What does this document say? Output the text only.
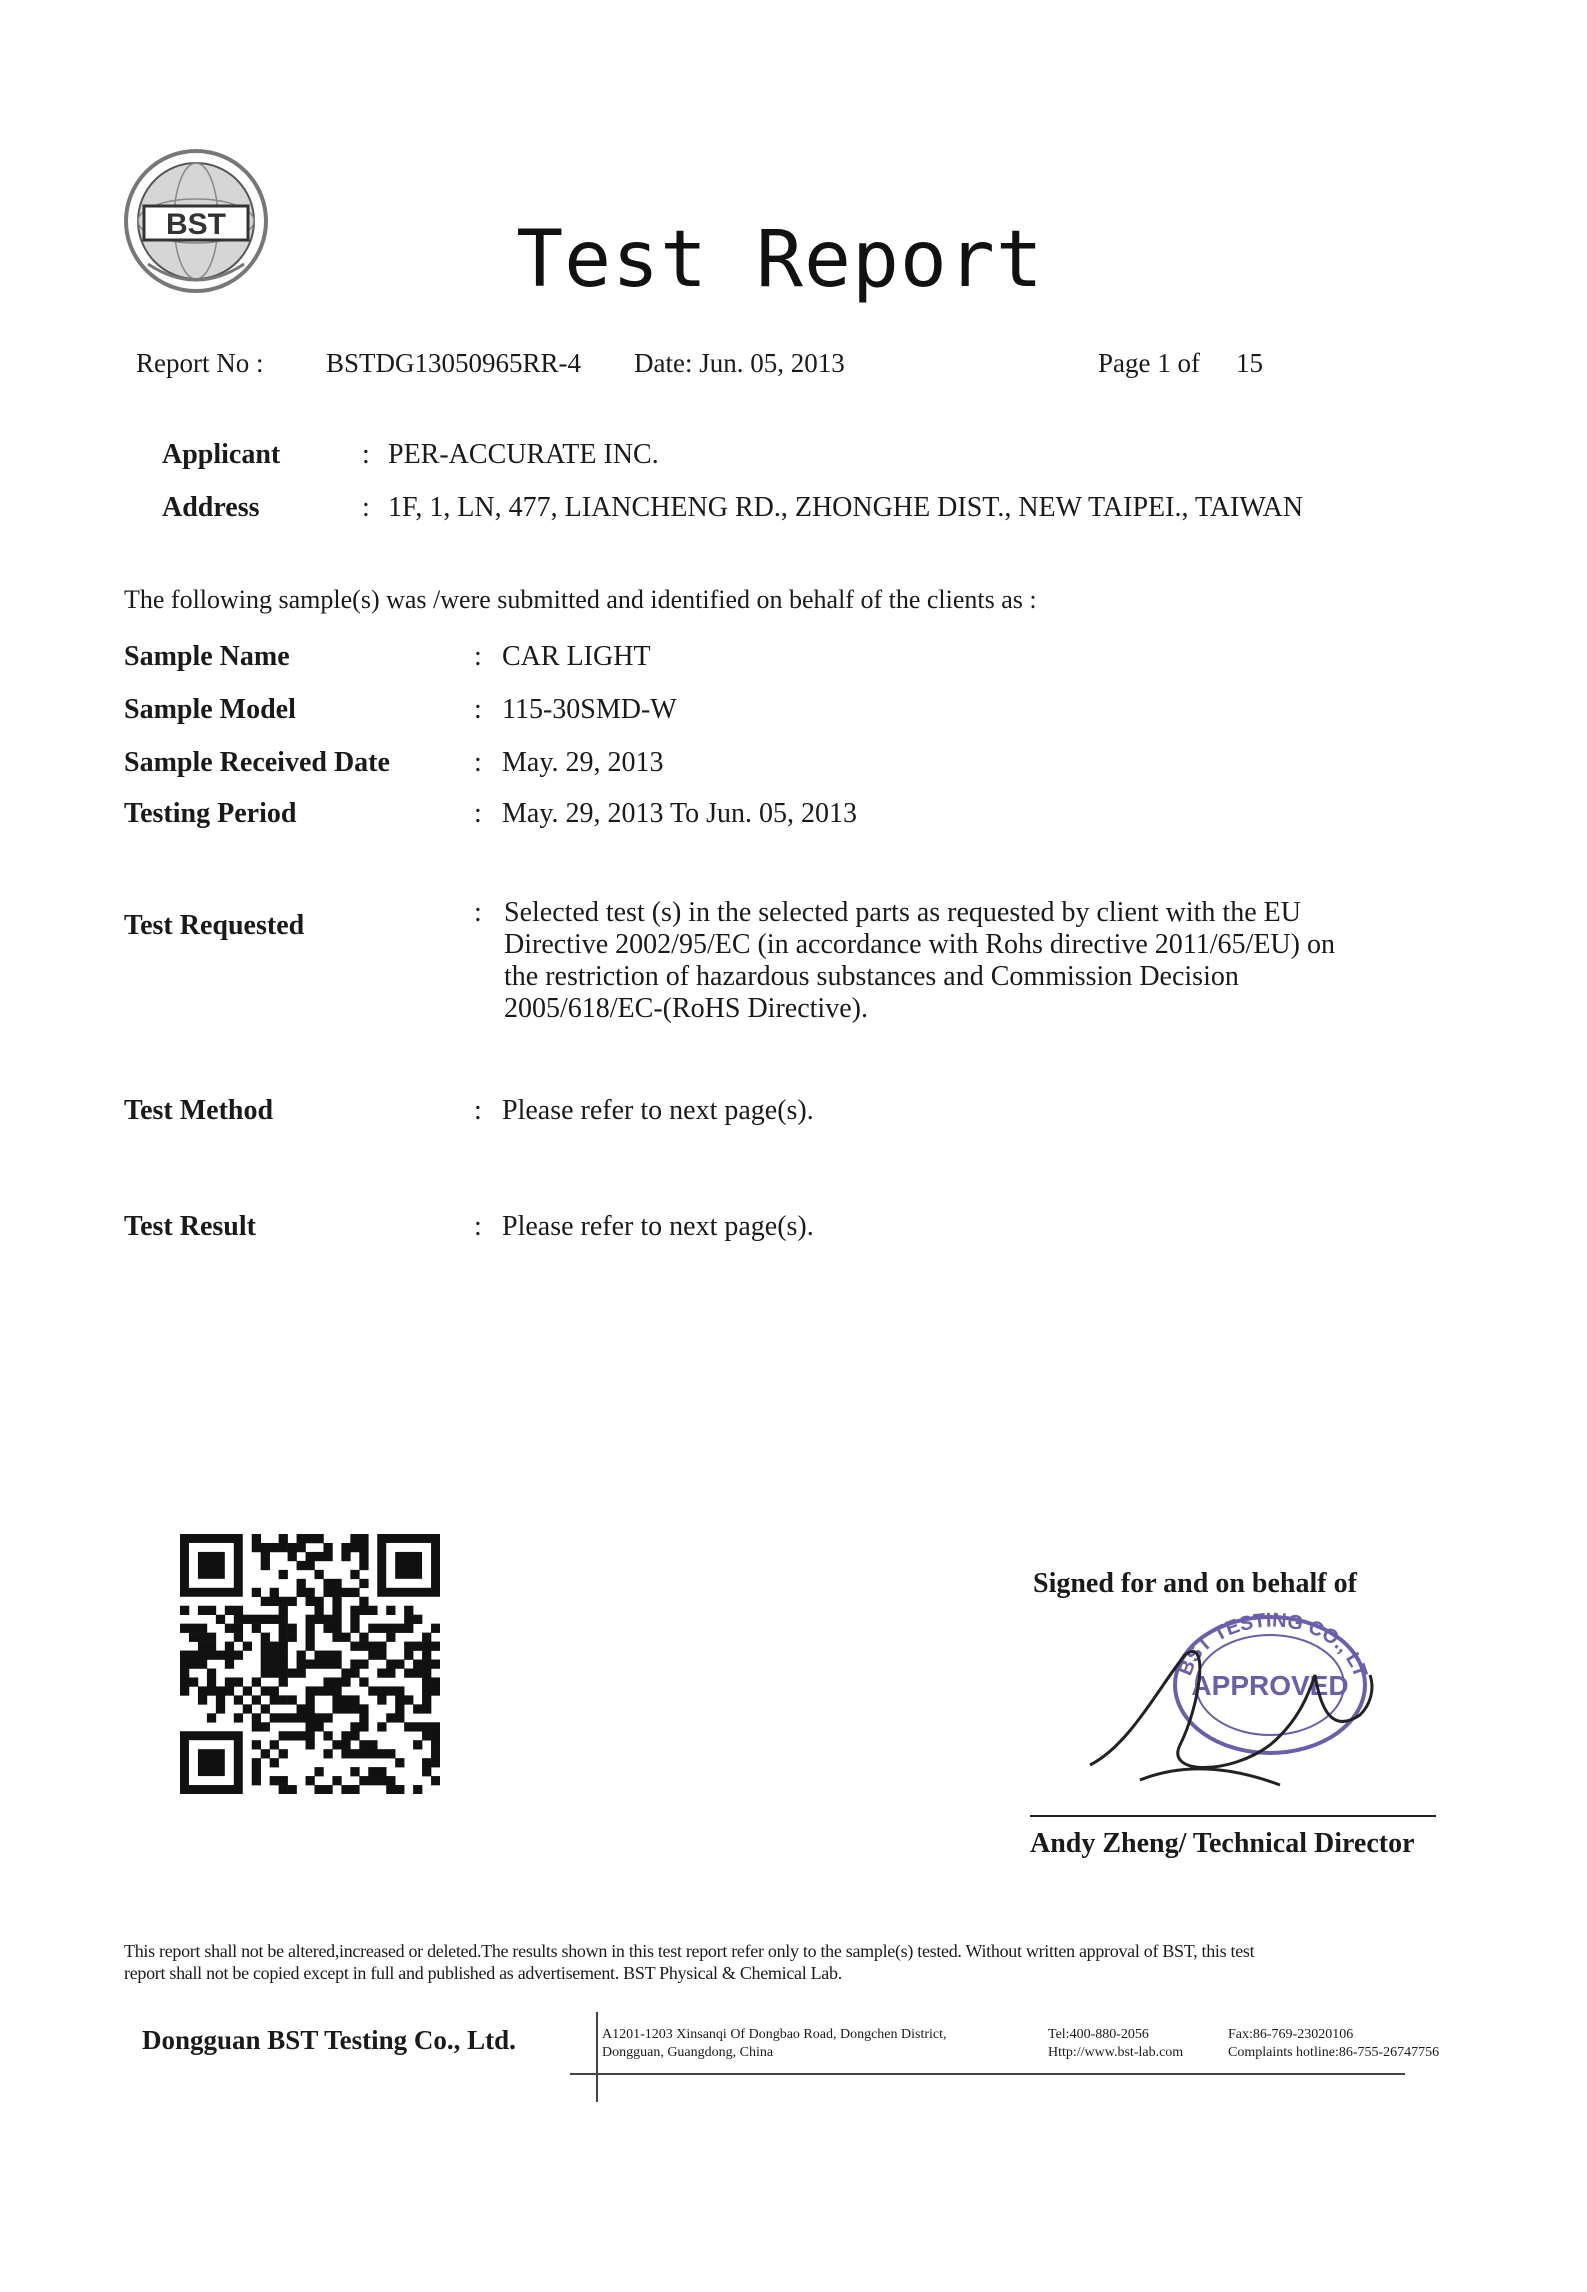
BST	Test Report
Report No : BSTDG13050965RR-4 Date: Jun. 05, 2013	Page 1 of 15
Applicant	: PER-ACCURATE INC.
Address	: 1F, 1, LN, 477, LIANCHENG RD., ZHONGHE DIST., NEW TAIPEI., TAIWAN
The following sample(s) was /were submitted and identified on behalf of the clients as :
Sample Name	: CAR LIGHT
Sample Model	: 115-30SMD-W
Sample Received Date	: May. 29, 2013
Testing Period	: May. 29, 2013 To Jun. 05, 2013
Test Requested	: Selected test (s) in the selected parts as requested by client with the EU
Directive 2002/95/EC (in accordance with Rohs directive 2011/65/EU) on
the restriction of hazardous substances and Commission Decision
2005/618/EC-(RoHS Directive).
Test Method	: Please refer to next page(s).
Test Result	: Please refer to next page(s).
Signed for and on behalf of
BST TESTING CO., LT
APPROVED
Andy Zheng/ Technical Director
This report shall not be altered,increased or deleted.The results shown in this test report refer only to the sample(s) tested. Without written approval of BST, this test
report shall not be copied except in full and published as advertisement. BST Physical & Chemical Lab.
Dongguan BST Testing Co., Ltd.	A1201-1203 Xinsanqi Of Dongbao Road, Dongchen District,
Dongguan, Guangdong, China
Tel:400-880-2056
Http://www.bst-lab.com
Fax:86-769-23020106
Complaints hotline:86-755-26747756
